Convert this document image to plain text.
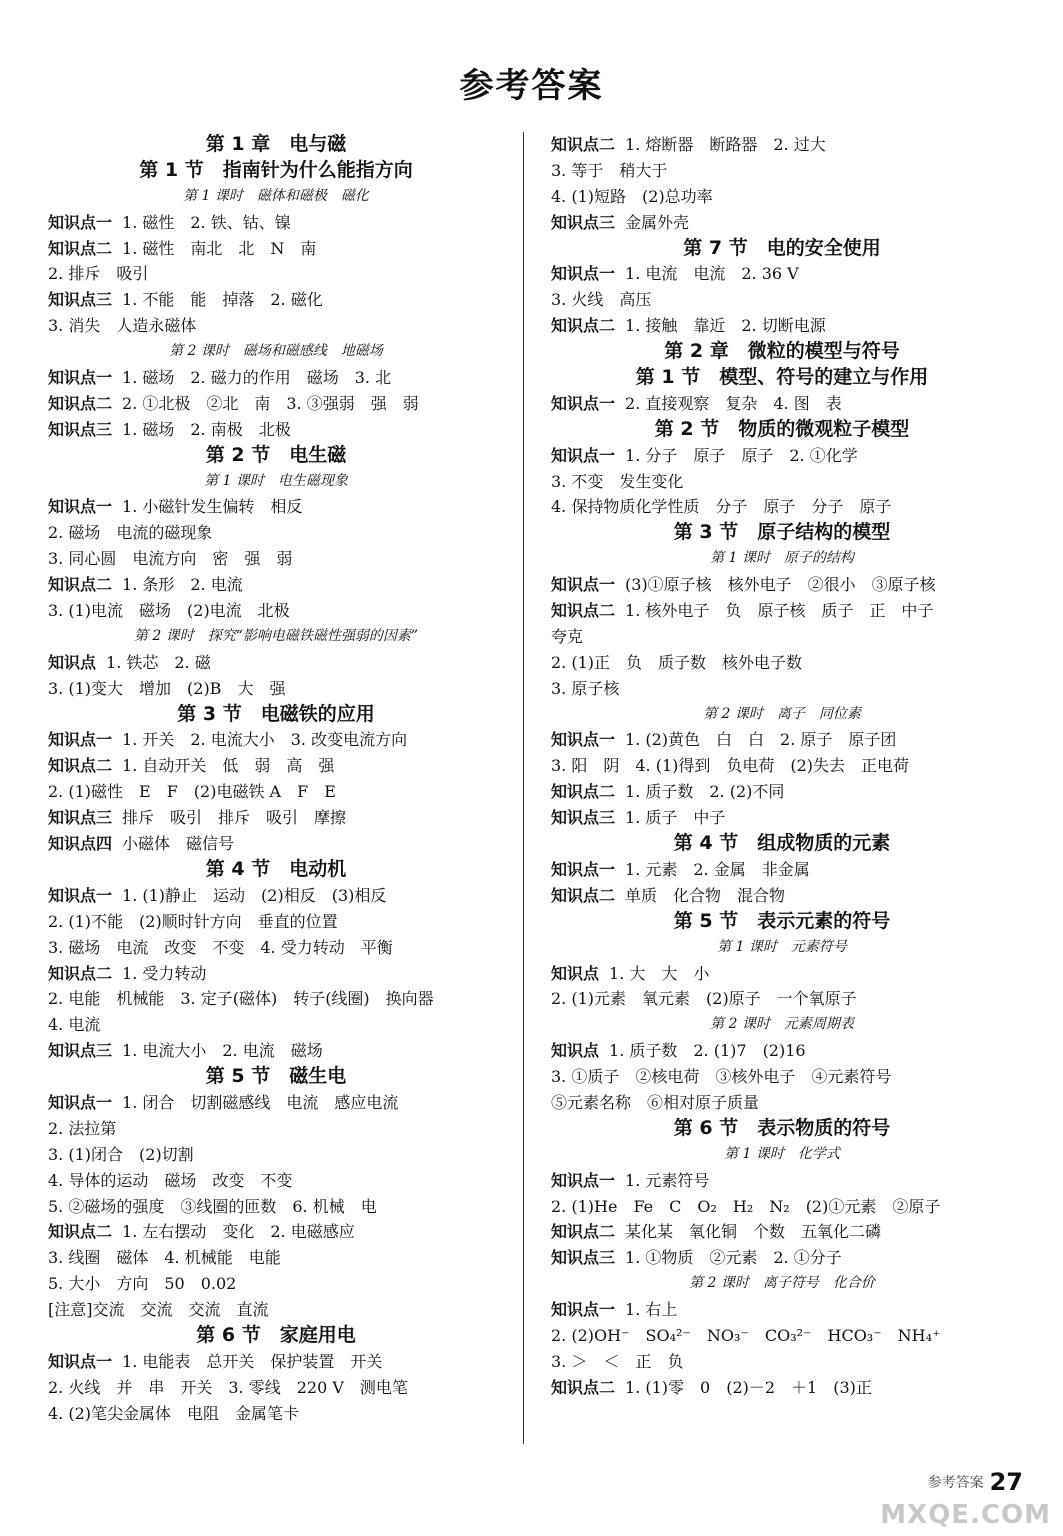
参考答案
第 1 章　电与磁
第 1 节　指南针为什么能指方向
第 1 课时　磁体和磁极　磁化
知识点一 1. 磁性　2. 铁、钴、镍
知识点二 1. 磁性　南北　北　N　南
2. 排斥　吸引
知识点三 1. 不能　能　掉落　2. 磁化
3. 消失　人造永磁体
第 2 课时　磁场和磁感线　地磁场
知识点一 1. 磁场　2. 磁力的作用　磁场　3. 北
知识点二 2. ①北极　②北　南　3. ③强弱　强　弱
知识点三 1. 磁场　2. 南极　北极
第 2 节　电生磁
第 1 课时　电生磁现象
知识点一 1. 小磁针发生偏转　相反
2. 磁场　电流的磁现象
3. 同心圆　电流方向　密　强　弱
知识点二 1. 条形　2. 电流
3. (1)电流　磁场　(2)电流　北极
第 2 课时　探究“影响电磁铁磁性强弱的因素”
知识点 1. 铁芯　2. 磁
3. (1)变大　增加　(2)B　大　强
第 3 节　电磁铁的应用
知识点一 1. 开关　2. 电流大小　3. 改变电流方向
知识点二 1. 自动开关　低　弱　高　强
2. (1)磁性　E　F　(2)电磁铁 A　F　E
知识点三 排斥　吸引　排斥　吸引　摩擦
知识点四 小磁体　磁信号
第 4 节　电动机
知识点一 1. (1)静止　运动　(2)相反　(3)相反
2. (1)不能　(2)顺时针方向　垂直的位置
3. 磁场　电流　改变　不变　4. 受力转动　平衡
知识点二 1. 受力转动
2. 电能　机械能　3. 定子(磁体)　转子(线圈)　换向器
4. 电流
知识点三 1. 电流大小　2. 电流　磁场
第 5 节　磁生电
知识点一 1. 闭合　切割磁感线　电流　感应电流
2. 法拉第
3. (1)闭合　(2)切割
4. 导体的运动　磁场　改变　不变
5. ②磁场的强度　③线圈的匝数　6. 机械　电
知识点二 1. 左右摆动　变化　2. 电磁感应
3. 线圈　磁体　4. 机械能　电能
5. 大小　方向　50　0.02
[注意]交流　交流　交流　直流
第 6 节　家庭用电
知识点一 1. 电能表　总开关　保护装置　开关
2. 火线　并　串　开关　3. 零线　220 V　测电笔
4. (2)笔尖金属体　电阻　金属笔卡
知识点二 1. 熔断器　断路器　2. 过大
3. 等于　稍大于
4. (1)短路　(2)总功率
知识点三 金属外壳
第 7 节　电的安全使用
知识点一 1. 电流　电流　2. 36 V
3. 火线　高压
知识点二 1. 接触　靠近　2. 切断电源
第 2 章　微粒的模型与符号
第 1 节　模型、符号的建立与作用
知识点一 2. 直接观察　复杂　4. 图　表
第 2 节　物质的微观粒子模型
知识点一 1. 分子　原子　原子　2. ①化学
3. 不变　发生变化
4. 保持物质化学性质　分子　原子　分子　原子
第 3 节　原子结构的模型
第 1 课时　原子的结构
知识点一 (3)①原子核　核外电子　②很小　③原子核
知识点二 1. 核外电子　负　原子核　质子　正　中子
夸克
2. (1)正　负　质子数　核外电子数
3. 原子核
第 2 课时　离子　同位素
知识点一 1. (2)黄色　白　白　2. 原子　原子团
3. 阳　阴　4. (1)得到　负电荷　(2)失去　正电荷
知识点二 1. 质子数　2. (2)不同
知识点三 1. 质子　中子
第 4 节　组成物质的元素
知识点一 1. 元素　2. 金属　非金属
知识点二 单质　化合物　混合物
第 5 节　表示元素的符号
第 1 课时　元素符号
知识点 1. 大　大　小
2. (1)元素　氧元素　(2)原子　一个氧原子
第 2 课时　元素周期表
知识点 1. 质子数　2. (1)7　(2)16
3. ①质子　②核电荷　③核外电子　④元素符号
⑤元素名称　⑥相对原子质量
第 6 节　表示物质的符号
第 1 课时　化学式
知识点一 1. 元素符号
2. (1)He　Fe　C　O₂　H₂　N₂　(2)①元素　②原子
知识点二 某化某　氧化铜　个数　五氧化二磷
知识点三 1. ①物质　②元素　2. ①分子
第 2 课时　离子符号　化合价
知识点一 1. 右上
2. (2)OH⁻　SO₄²⁻　NO₃⁻　CO₃²⁻　HCO₃⁻　NH₄⁺
3. ＞　＜　正　负
知识点二 1. (1)零　0　(2)－2　＋1　(3)正
参考答案 27
MXQE.COM
